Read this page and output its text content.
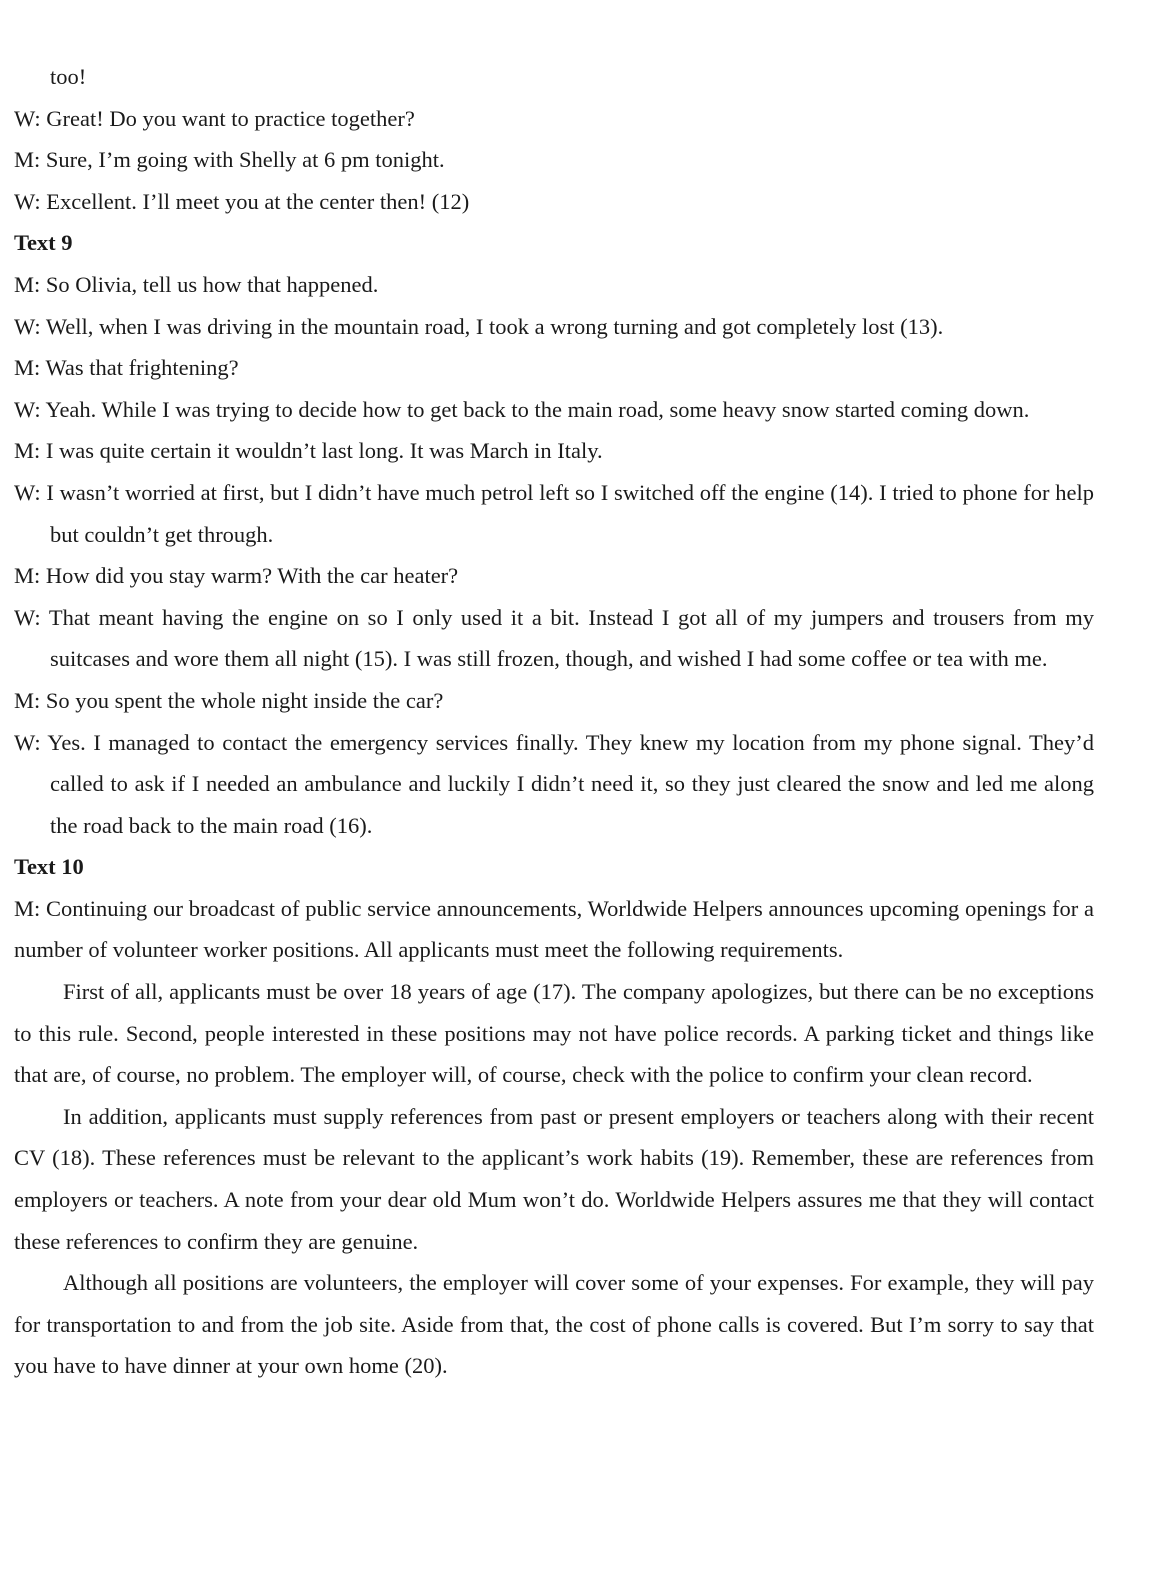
too!

W: Great! Do you want to practice together?

M: Sure, I’m going with Shelly at 6 pm tonight.

W: Excellent. I’ll meet you at the center then! (12)

Text 9

M: So Olivia, tell us how that happened.

W: Well, when I was driving in the mountain road, I took a wrong turning and got completely lost (13).

M: Was that frightening?

W: Yeah. While I was trying to decide how to get back to the main road, some heavy snow started coming down.

M: I was quite certain it wouldn’t last long. It was March in Italy.

W: I wasn’t worried at first, but I didn’t have much petrol left so I switched off the engine (14). I tried to phone for help but couldn’t get through.

M: How did you stay warm? With the car heater?

W: That meant having the engine on so I only used it a bit. Instead I got all of my jumpers and trousers from my suitcases and wore them all night (15). I was still frozen, though, and wished I had some coffee or tea with me.

M: So you spent the whole night inside the car?

W: Yes. I managed to contact the emergency services finally. They knew my location from my phone signal. They’d called to ask if I needed an ambulance and luckily I didn’t need it, so they just cleared the snow and led me along the road back to the main road (16).

Text 10

M: Continuing our broadcast of public service announcements, Worldwide Helpers announces upcoming openings for a number of volunteer worker positions. All applicants must meet the following requirements.

First of all, applicants must be over 18 years of age (17). The company apologizes, but there can be no exceptions to this rule. Second, people interested in these positions may not have police records. A parking ticket and things like that are, of course, no problem. The employer will, of course, check with the police to confirm your clean record.

In addition, applicants must supply references from past or present employers or teachers along with their recent CV (18). These references must be relevant to the applicant’s work habits (19). Remember, these are references from employers or teachers. A note from your dear old Mum won’t do. Worldwide Helpers assures me that they will contact these references to confirm they are genuine.

Although all positions are volunteers, the employer will cover some of your expenses. For example, they will pay for transportation to and from the job site. Aside from that, the cost of phone calls is covered. But I’m sorry to say that you have to have dinner at your own home (20).
